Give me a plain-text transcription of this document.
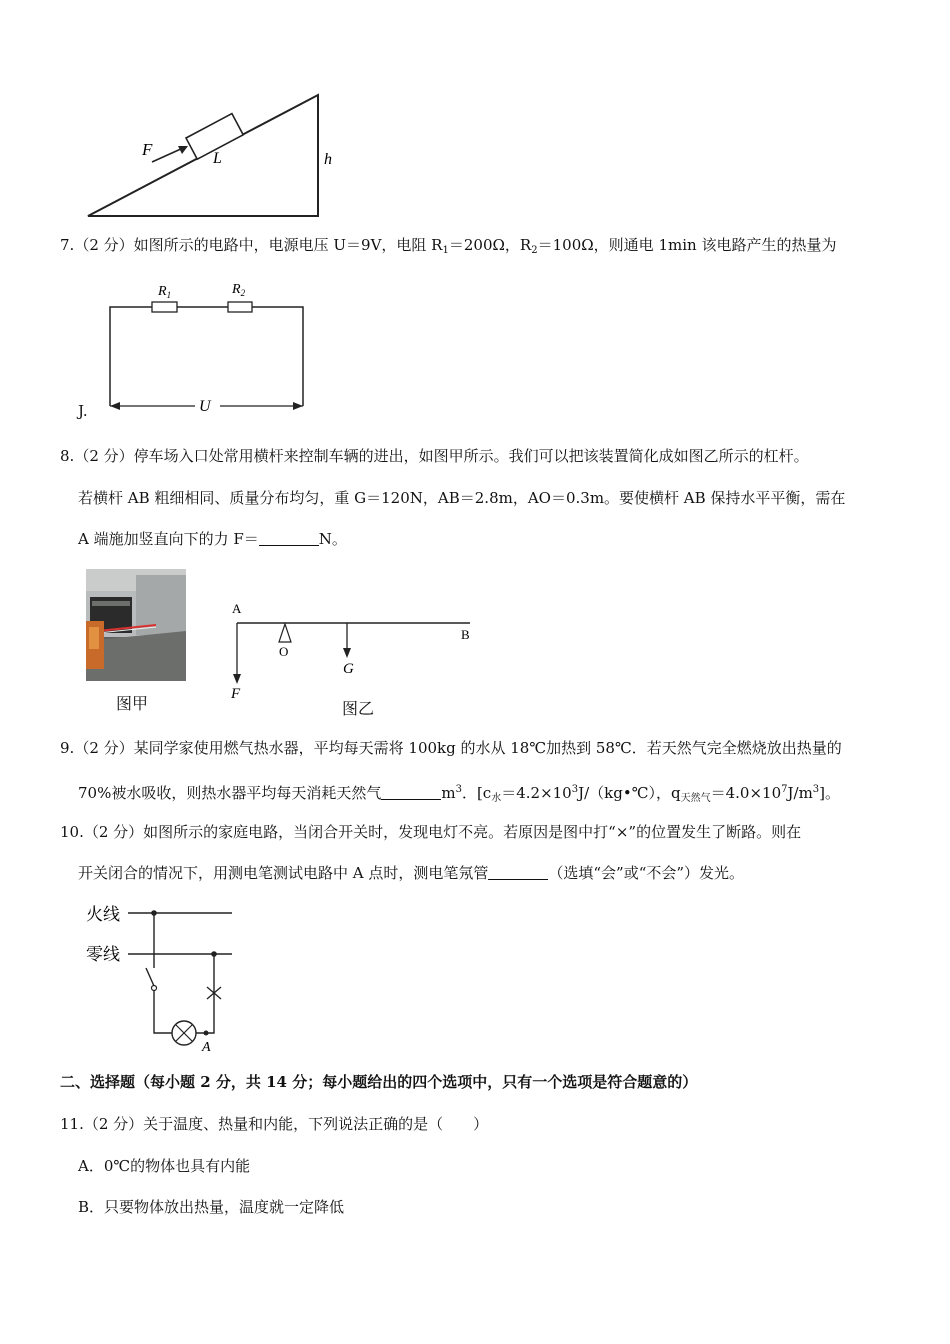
F	L	h
7.（2 分）如图所示的电路中，电源电压 U＝9V，电阻 $R_1=200\Omega$，$R_2=100\Omega$，则通电 1min 该电路产生的热量为
$R_1$	$R_2$
U
J.
8.（2 分）停车场入口处常用横杆来控制车辆的进出，如图甲所示。我们可以把该装置简化成如图乙所示的杠杆。
若横杆 AB 粗细相同、质量分布均匀，重 G＝120N，AB＝2.8m，AO＝0.3m。要使横杆 AB 保持水平平衡，需在
A 端施加竖直向下的力 F＝	N。
图甲
A
B
O
G
F
图乙
9.（2 分）某同学家使用燃气热水器，平均每天需将 100kg 的水从 18℃加热到 58℃．若天然气完全燃烧放出热量的
70%被水吸收，则热水器平均每天消耗天然气	$m^3$．[$c_水=4.2\times 10^3J/(kg•℃)$，$q_{天然气}=4.0\times 10^7J/m^3$]。
10.（2 分）如图所示的家庭电路，当闭合开关时，发现电灯不亮。若原因是图中打“×”的位置发生了断路。则在
开关闭合的情况下，用测电笔测试电路中 A 点时，测电笔氖管	（选填“会”或“不会”）发光。
火线
零线
A
二、选择题（每小题 2 分，共 14 分；每小题给出的四个选项中，只有一个选项是符合题意的）
11.（2 分）关于温度、热量和内能，下列说法正确的是（　　）
A．0℃的物体也具有内能
B．只要物体放出热量，温度就一定降低
